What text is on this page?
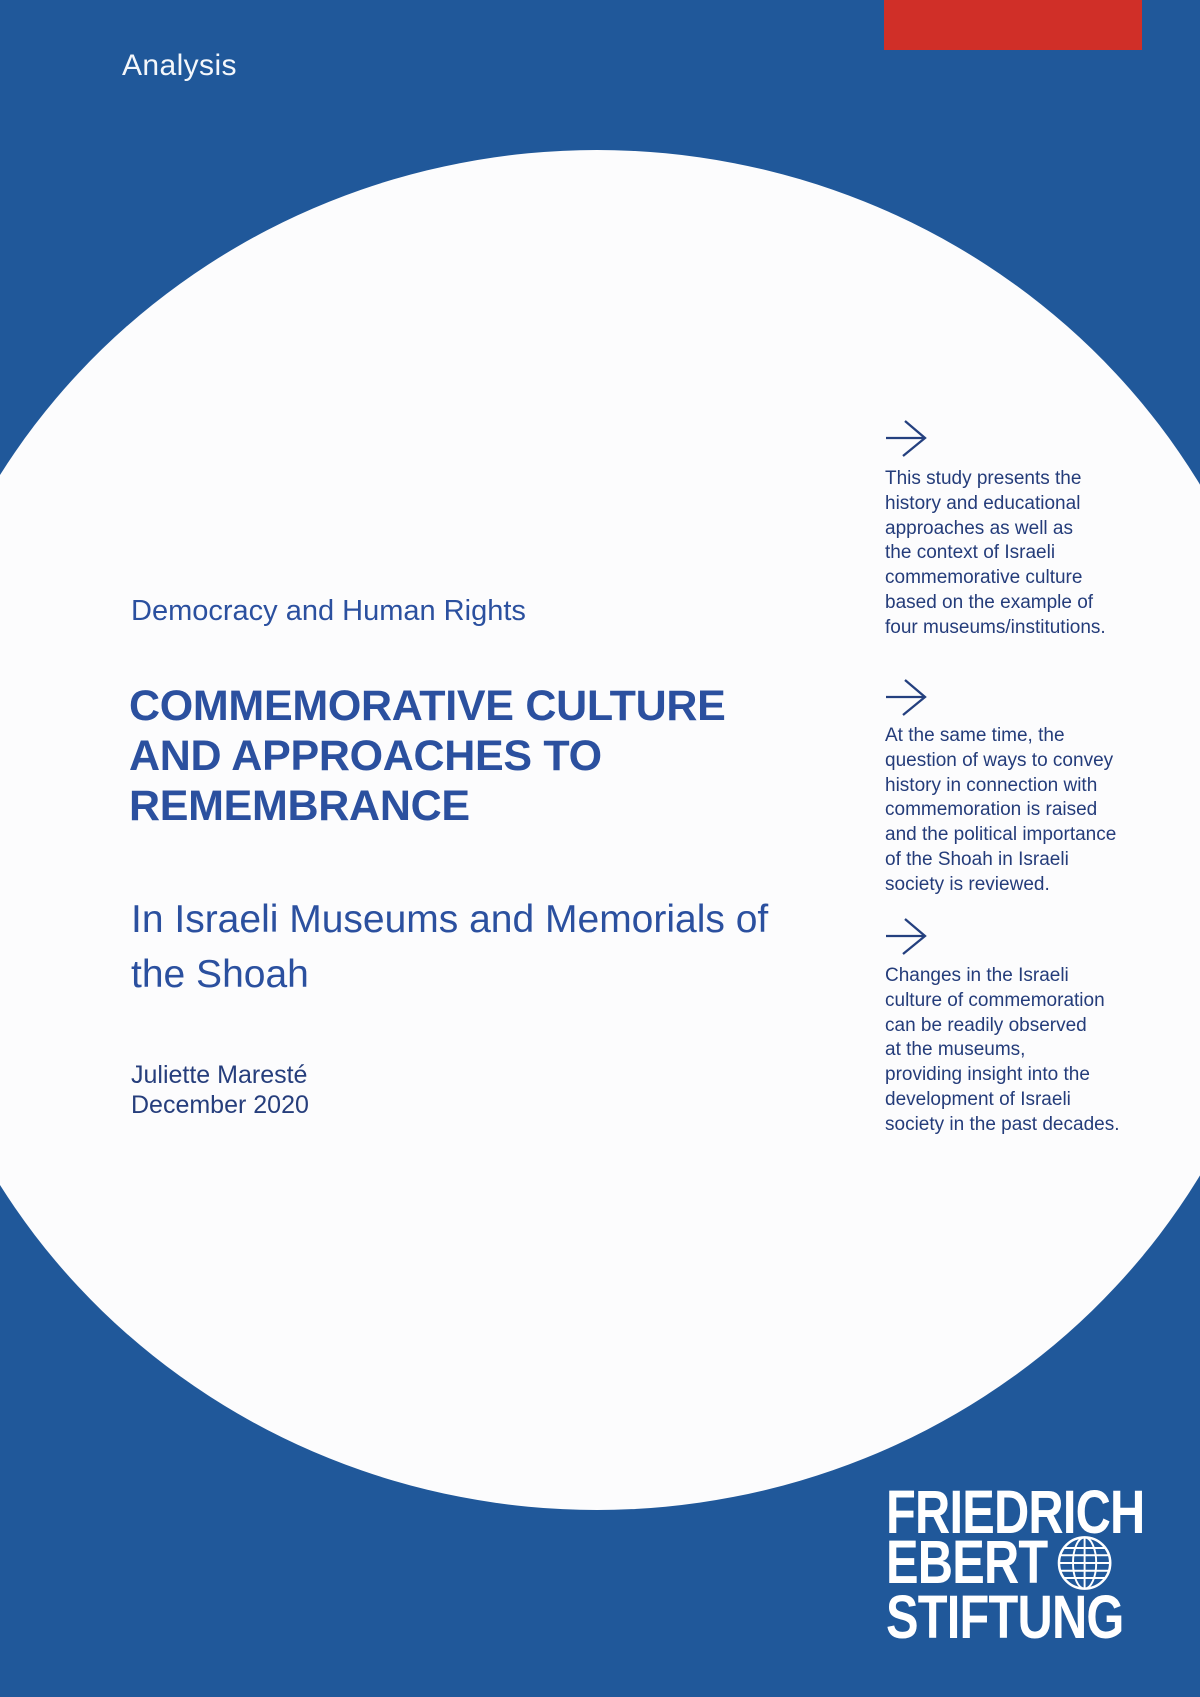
Analysis
Democracy and Human Rights
COMMEMORATIVE CULTURE
AND APPROACHES TO
REMEMBRANCE
In Israeli Museums and Memorials of
the Shoah
Juliette Maresté
December 2020
This study presents the
history and educational
approaches as well as
the context of Israeli
commemorative culture
based on the example of
four museums/institutions.
At the same time, the
question of ways to convey
history in connection with
commemoration is raised
and the political importance
of the Shoah in Israeli
society is reviewed.
Changes in the Israeli
culture of commemoration
can be readily observed
at the museums,
providing insight into the
development of Israeli
society in the past decades.
FRIEDRICH
EBERT
STIFTUNG
